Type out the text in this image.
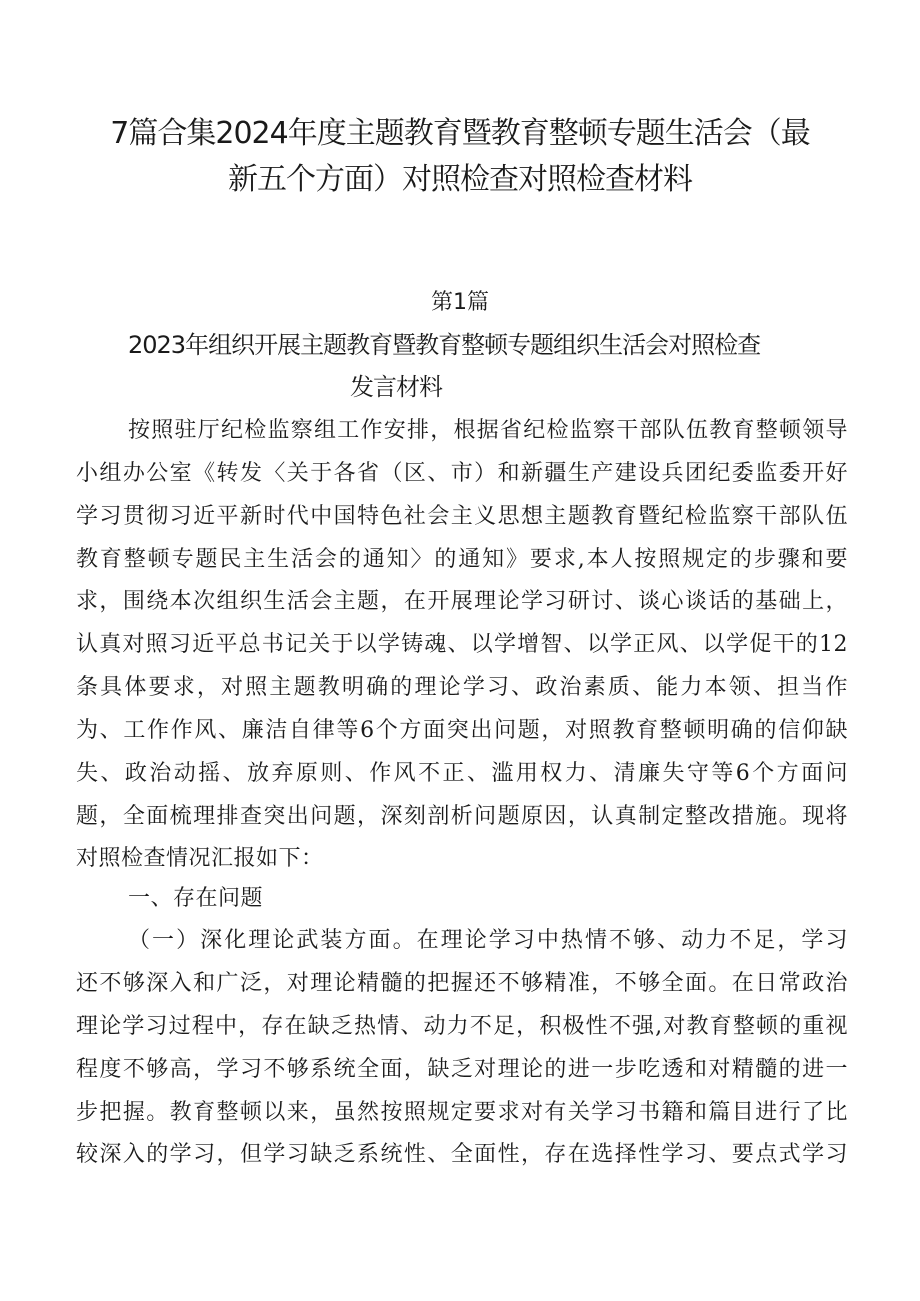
7篇合集2024年度主题教育暨教育整顿专题生活会（最
新五个方面）对照检查对照检查材料
第1篇
2023年组织开展主题教育暨教育整顿专题组织生活会对照检查
发言材料
按照驻厅纪检监察组工作安排，根据省纪检监察干部队伍教育整顿领导
小组办公室《转发〈关于各省（区、市）和新疆生产建设兵团纪委监委开好
学习贯彻习近平新时代中国特色社会主义思想主题教育暨纪检监察干部队伍
教育整顿专题民主生活会的通知〉的通知》要求,本人按照规定的步骤和要
求，围绕本次组织生活会主题，在开展理论学习研讨、谈心谈话的基础上，
认真对照习近平总书记关于以学铸魂、以学增智、以学正风、以学促干的12
条具体要求，对照主题教明确的理论学习、政治素质、能力本领、担当作
为、工作作风、廉洁自律等6个方面突出问题，对照教育整顿明确的信仰缺
失、政治动摇、放弃原则、作风不正、滥用权力、清廉失守等6个方面问
题，全面梳理排查突出问题，深刻剖析问题原因，认真制定整改措施。现将
对照检查情况汇报如下：
一、存在问题
（一）深化理论武装方面。在理论学习中热情不够、动力不足，学习
还不够深入和广泛，对理论精髓的把握还不够精准，不够全面。在日常政治
理论学习过程中，存在缺乏热情、动力不足，积极性不强,对教育整顿的重视
程度不够高，学习不够系统全面，缺乏对理论的进一步吃透和对精髓的进一
步把握。教育整顿以来，虽然按照规定要求对有关学习书籍和篇目进行了比
较深入的学习，但学习缺乏系统性、全面性，存在选择性学习、要点式学习
